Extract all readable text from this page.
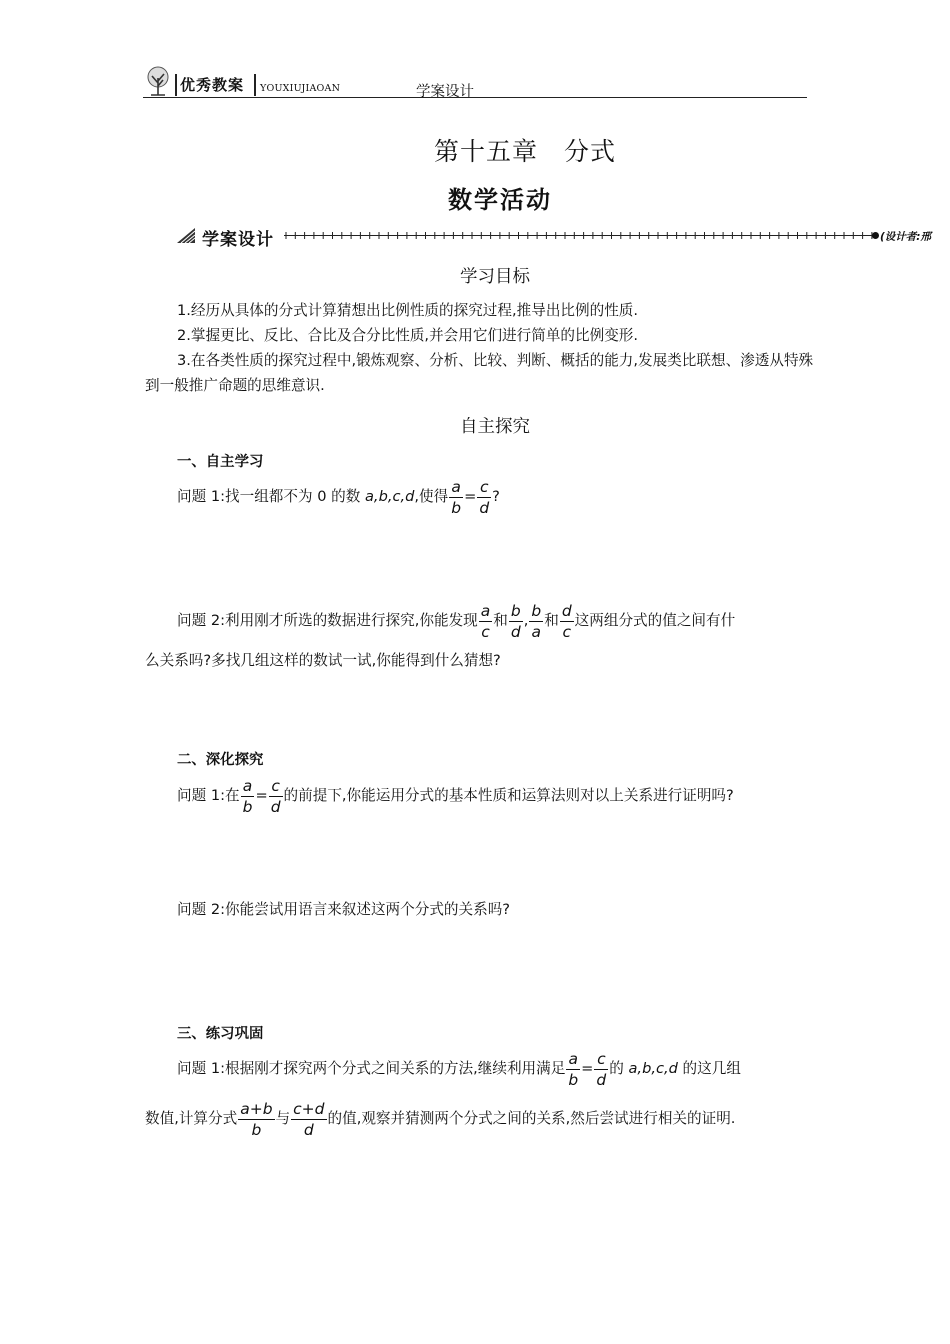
优秀教案 YOUXIUJIAOAN	学案设计
第十五章　分式
数学活动
学案设计	(设计者:邢
学习目标
1.经历从具体的分式计算猜想出比例性质的探究过程,推导出比例的性质.
2.掌握更比、反比、合比及合分比性质,并会用它们进行简单的比例变形.
3.在各类性质的探究过程中,锻炼观察、分析、比较、判断、概括的能力,发展类比联想、渗透从特殊到一般推广命题的思维意识.
自主探究
一、自主学习
问题 1:找一组都不为 0 的数 a,b,c,d,使得 $\frac{a}{b} = \frac{c}{d}$ ?
问题 2:利用刚才所选的数据进行探究,你能发现 $\frac{a}{c}$ 和 $\frac{b}{d}$ , $\frac{b}{a}$ 和 $\frac{d}{c}$ 这两组分式的值之间有什
么关系吗?多找几组这样的数试一试,你能得到什么猜想?
二、深化探究
问题 1:在 $\frac{a}{b} = \frac{c}{d}$ 的前提下,你能运用分式的基本性质和运算法则对以上关系进行证明吗?
问题 2:你能尝试用语言来叙述这两个分式的关系吗?
三、练习巩固
问题 1:根据刚才探究两个分式之间关系的方法,继续利用满足 $\frac{a}{b} = \frac{c}{d}$ 的 a,b,c,d 的这几组
数值,计算分式 $\frac{a+b}{b}$ 与 $\frac{c+d}{d}$ 的值,观察并猜测两个分式之间的关系,然后尝试进行相关的证明.
